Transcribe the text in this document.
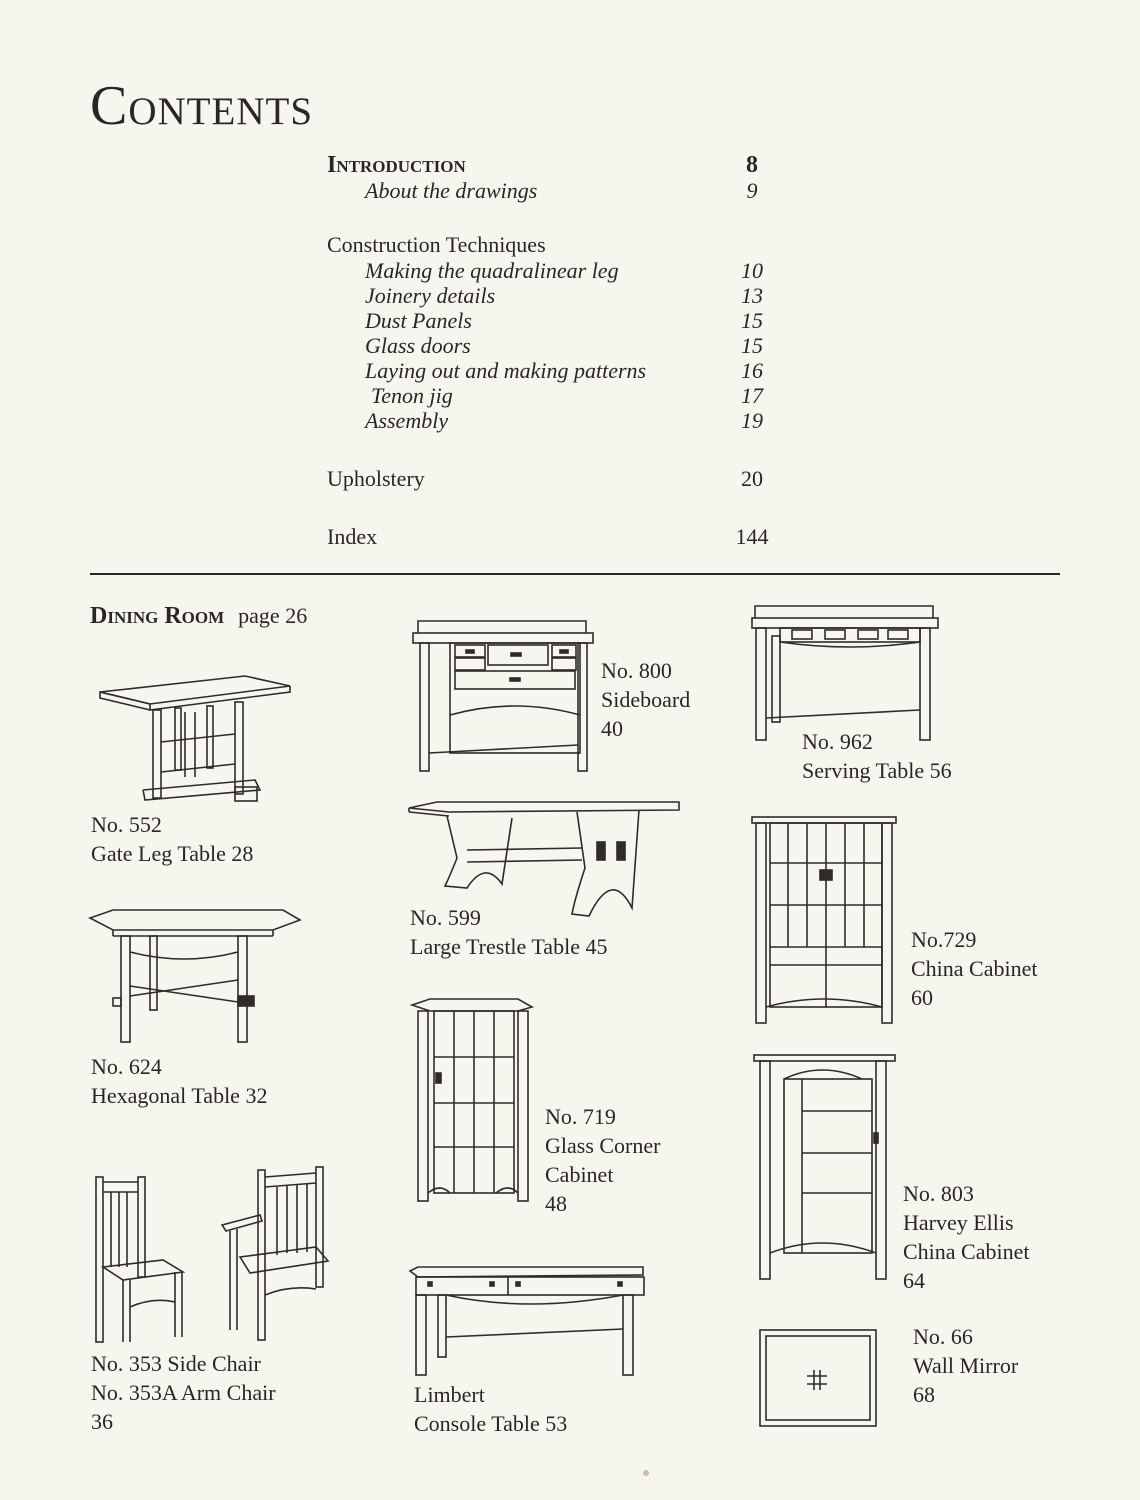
Contents
Introduction	8
About the drawings	9
Construction Techniques
Making the quadralinear leg	10
Joinery details	13
Dust Panels	15
Glass doors	15
Laying out and making patterns	16
Tenon jig	17
Assembly	19
Upholstery	20
Index	144
Dining Room page 26
No. 552
Gate Leg Table 28
No. 624
Hexagonal Table 32
No. 353 Side Chair
No. 353A Arm Chair
36
No. 800
Sideboard
40
No. 599
Large Trestle Table 45
No. 719
Glass Corner
Cabinet
48
Limbert
Console Table 53
No. 962
Serving Table 56
No.729
China Cabinet
60
No. 803
Harvey Ellis
China Cabinet
64
No. 66
Wall Mirror
68
